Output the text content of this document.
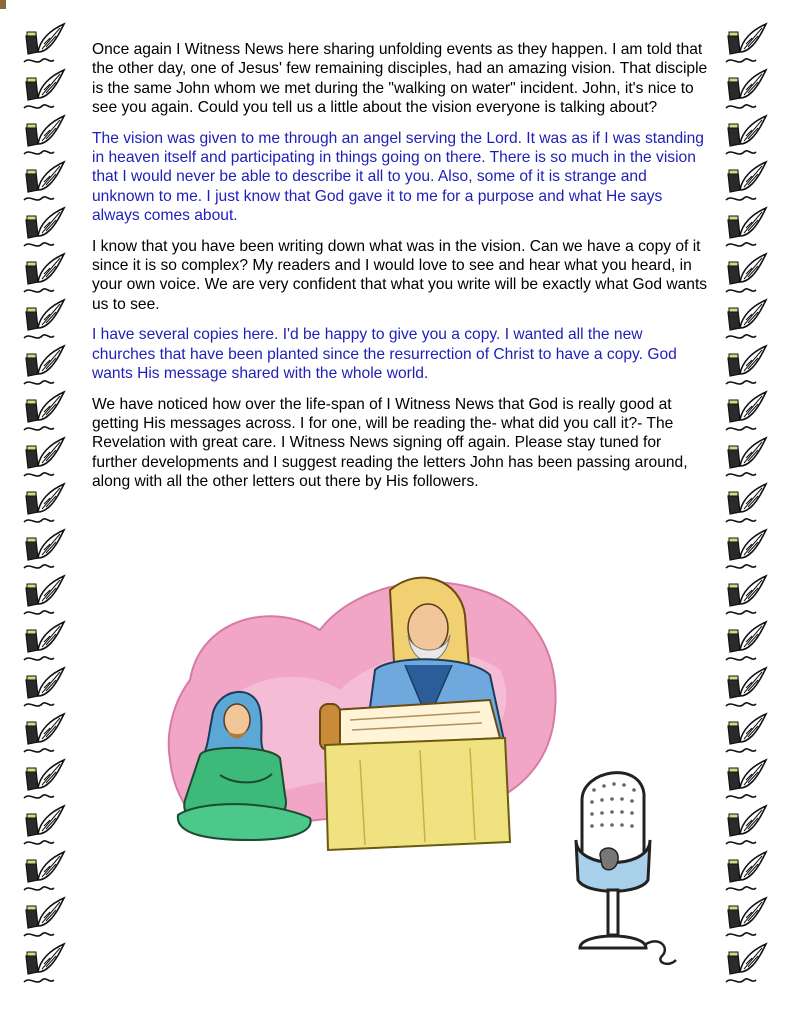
Once again I Witness News here sharing unfolding events as they happen. I am told that the other day, one of Jesus' few remaining disciples, had an amazing vision. That disciple is the same John whom we met during the "walking on water" incident. John, it's nice to see you again. Could you tell us a little about the vision everyone is talking about?

The vision was given to me through an angel serving the Lord. It was as if I was standing in heaven itself and participating in things going on there. There is so much in the vision that I would never be able to describe it all to you. Also, some of it is strange and unknown to me. I just know that God gave it to me for a purpose and what He says always comes about.

I know that you have been writing down what was in the vision. Can we have a copy of it since it is so complex? My readers and I would love to see and hear what you heard, in your own voice. We are very confident that what you write will be exactly what God wants us to see.

I have several copies here. I'd be happy to give you a copy. I wanted all the new churches that have been planted since the resurrection of Christ to have a copy. God wants His message shared with the whole world.

We have noticed how over the life-span of I Witness News that God is really good at getting His messages across. I for one, will be reading the- what did you call it?- The Revelation with great care. I Witness News signing off again. Please stay tuned for further developments and I suggest reading the letters John has been passing around, along with all the other letters out there by His followers.
